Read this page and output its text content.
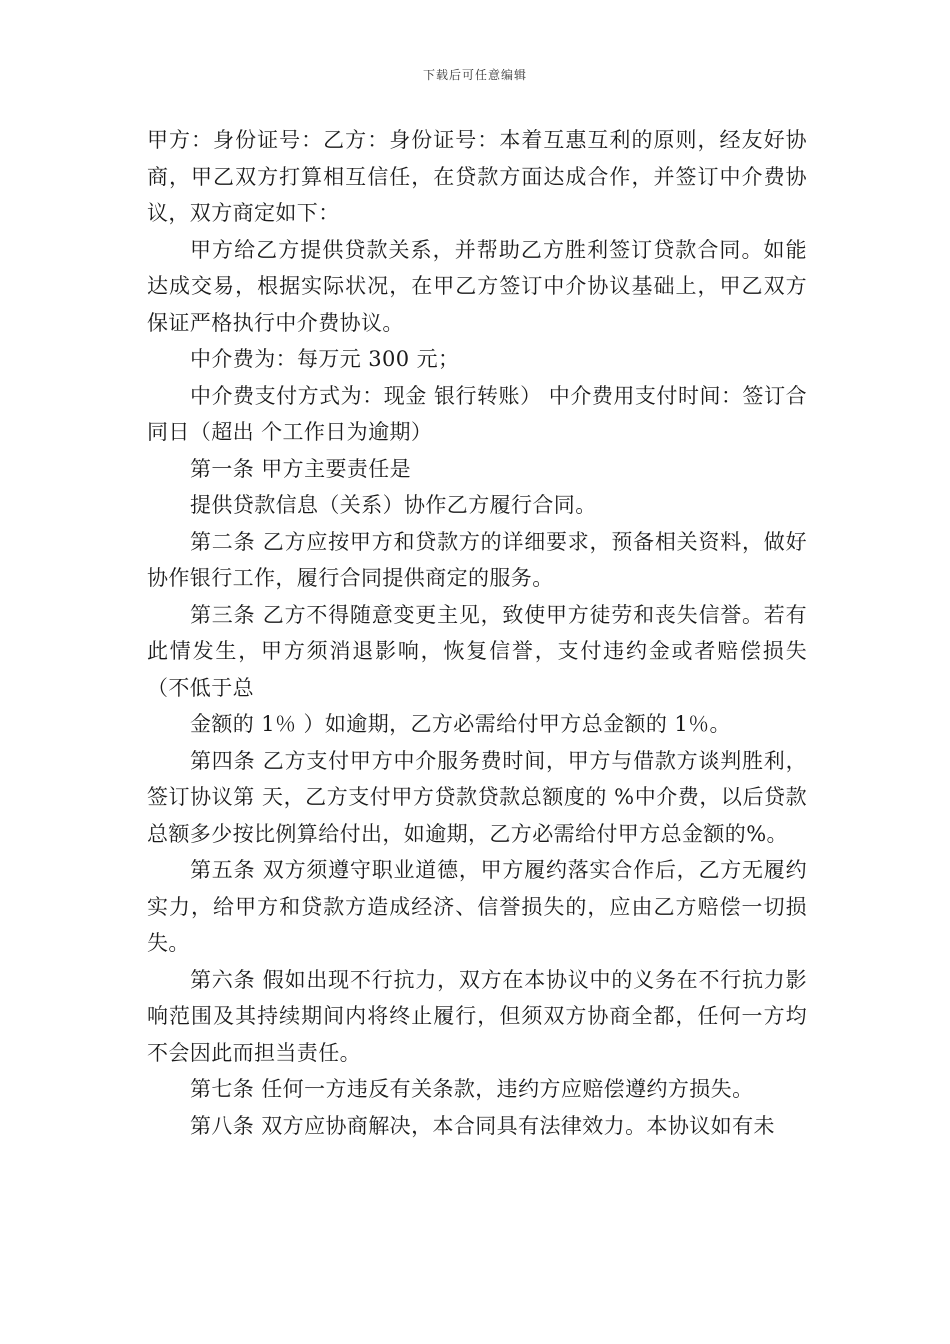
下载后可任意编辑

甲方：身份证号：乙方：身份证号：本着互惠互利的原则，经友好协商，甲乙双方打算相互信任，在贷款方面达成合作，并签订中介费协议，双方商定如下：

甲方给乙方提供贷款关系，并帮助乙方胜利签订贷款合同。如能达成交易，根据实际状况，在甲乙方签订中介协议基础上，甲乙双方保证严格执行中介费协议。

中介费为：每万元 300 元；

中介费支付方式为：现金 银行转账） 中介费用支付时间：签订合同日（超出 个工作日为逾期）

第一条 甲方主要责任是

提供贷款信息（关系）协作乙方履行合同。

第二条 乙方应按甲方和贷款方的详细要求，预备相关资料，做好协作银行工作，履行合同提供商定的服务。

第三条 乙方不得随意变更主见，致使甲方徒劳和丧失信誉。若有此情发生，甲方须消退影响，恢复信誉，支付违约金或者赔偿损失（不低于总

金额的 1％ ）如逾期，乙方必需给付甲方总金额的 1％。

第四条 乙方支付甲方中介服务费时间，甲方与借款方谈判胜利，签订协议第 天，乙方支付甲方贷款贷款总额度的 %中介费，以后贷款总额多少按比例算给付出，如逾期，乙方必需给付甲方总金额的%。

第五条 双方须遵守职业道德，甲方履约落实合作后，乙方无履约实力，给甲方和贷款方造成经济、信誉损失的，应由乙方赔偿一切损失。

第六条 假如出现不行抗力，双方在本协议中的义务在不行抗力影响范围及其持续期间内将终止履行，但须双方协商全都，任何一方均不会因此而担当责任。

第七条 任何一方违反有关条款，违约方应赔偿遵约方损失。

第八条 双方应协商解决，本合同具有法律效力。本协议如有未
